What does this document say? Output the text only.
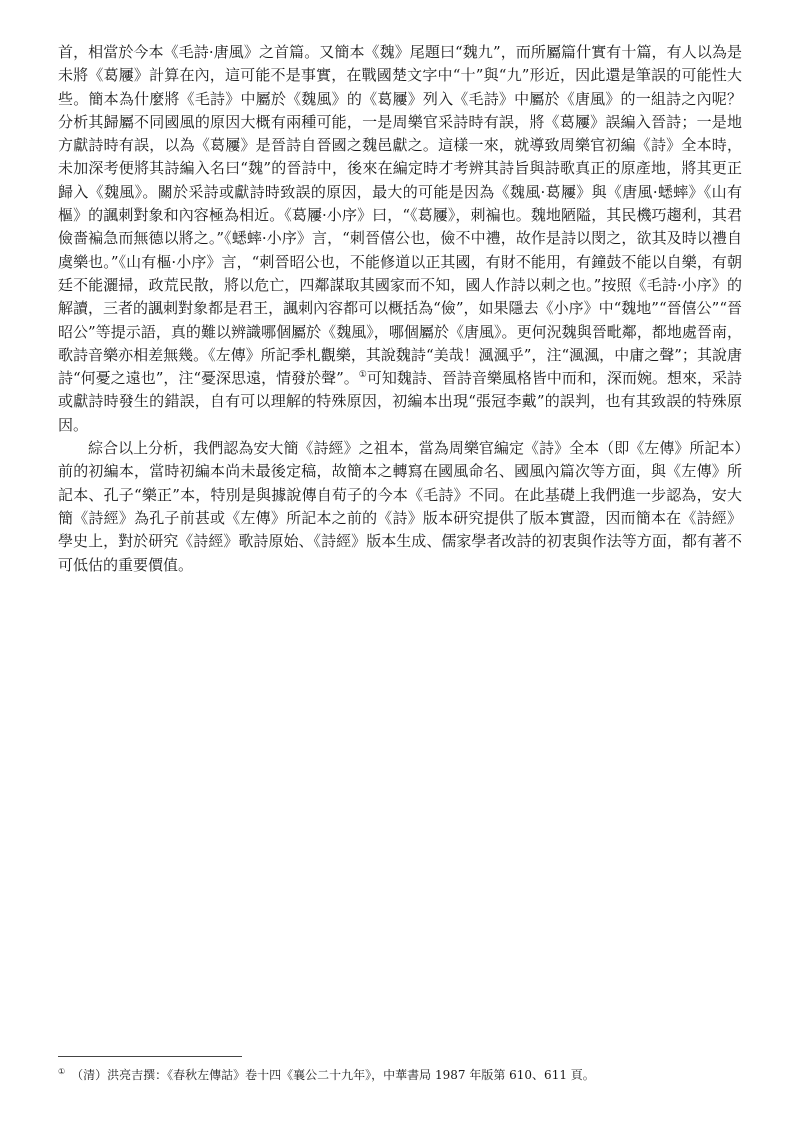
首，相當於今本《毛詩·唐風》之首篇。又簡本《魏》尾題曰“魏九”，而所屬篇什實有十篇，有人以為是未將《葛屨》計算在內，這可能不是事實，在戰國楚文字中“十”與“九”形近，因此還是筆誤的可能性大些。簡本為什麼將《毛詩》中屬於《魏風》的《葛屨》列入《毛詩》中屬於《唐風》的一組詩之內呢？分析其歸屬不同國風的原因大概有兩種可能，一是周樂官采詩時有誤，將《葛屨》誤編入晉詩；一是地方獻詩時有誤，以為《葛屨》是晉詩自晉國之魏邑獻之。這樣一來，就導致周樂官初編《詩》全本時，未加深考便將其詩編入名曰“魏”的晉詩中，後來在編定時才考辨其詩旨與詩歌真正的原產地，將其更正歸入《魏風》。關於采詩或獻詩時致誤的原因，最大的可能是因為《魏風·葛屨》與《唐風·蟋蟀》《山有樞》的諷刺對象和內容極為相近。《葛屨·小序》曰，“《葛屨》，刺褊也。魏地陋隘，其民機巧趨利，其君儉嗇褊急而無德以將之。”《蟋蟀·小序》言，“刺晉僖公也，儉不中禮，故作是詩以閔之，欲其及時以禮自虞樂也。”《山有樞·小序》言，“刺晉昭公也，不能修道以正其國，有財不能用，有鐘鼓不能以自樂，有朝廷不能灑掃，政荒民散，將以危亡，四鄰謀取其國家而不知，國人作詩以刺之也。”按照《毛詩·小序》的解讀，三者的諷刺對象都是君王，諷刺內容都可以概括為“儉”，如果隱去《小序》中“魏地”“晉僖公”“晉昭公”等提示語，真的難以辨識哪個屬於《魏風》，哪個屬於《唐風》。更何況魏與晉毗鄰，都地處晉南，歌詩音樂亦相差無幾。《左傳》所記季札觀樂，其說魏詩“美哉！渢渢乎”，注“渢渢，中庸之聲”；其說唐詩“何憂之遠也”，注“憂深思遠，情發於聲”。①可知魏詩、晉詩音樂風格皆中而和，深而婉。想來，采詩或獻詩時發生的錯誤，自有可以理解的特殊原因，初編本出現“張冠李戴”的誤判，也有其致誤的特殊原因。

綜合以上分析，我們認為安大簡《詩經》之祖本，當為周樂官編定《詩》全本（即《左傳》所記本）前的初編本，當時初編本尚未最後定稿，故簡本之轉寫在國風命名、國風內篇次等方面，與《左傳》所記本、孔子“樂正”本，特別是與據說傳自荀子的今本《毛詩》不同。在此基礎上我們進一步認為，安大簡《詩經》為孔子前甚或《左傳》所記本之前的《詩》版本研究提供了版本實證，因而簡本在《詩經》學史上，對於研究《詩經》歌詩原始、《詩經》版本生成、儒家學者改詩的初衷與作法等方面，都有著不可低估的重要價值。

① （清）洪亮吉撰：《春秋左傳詁》卷十四《襄公二十九年》，中華書局 1987 年版第 610、611 頁。
